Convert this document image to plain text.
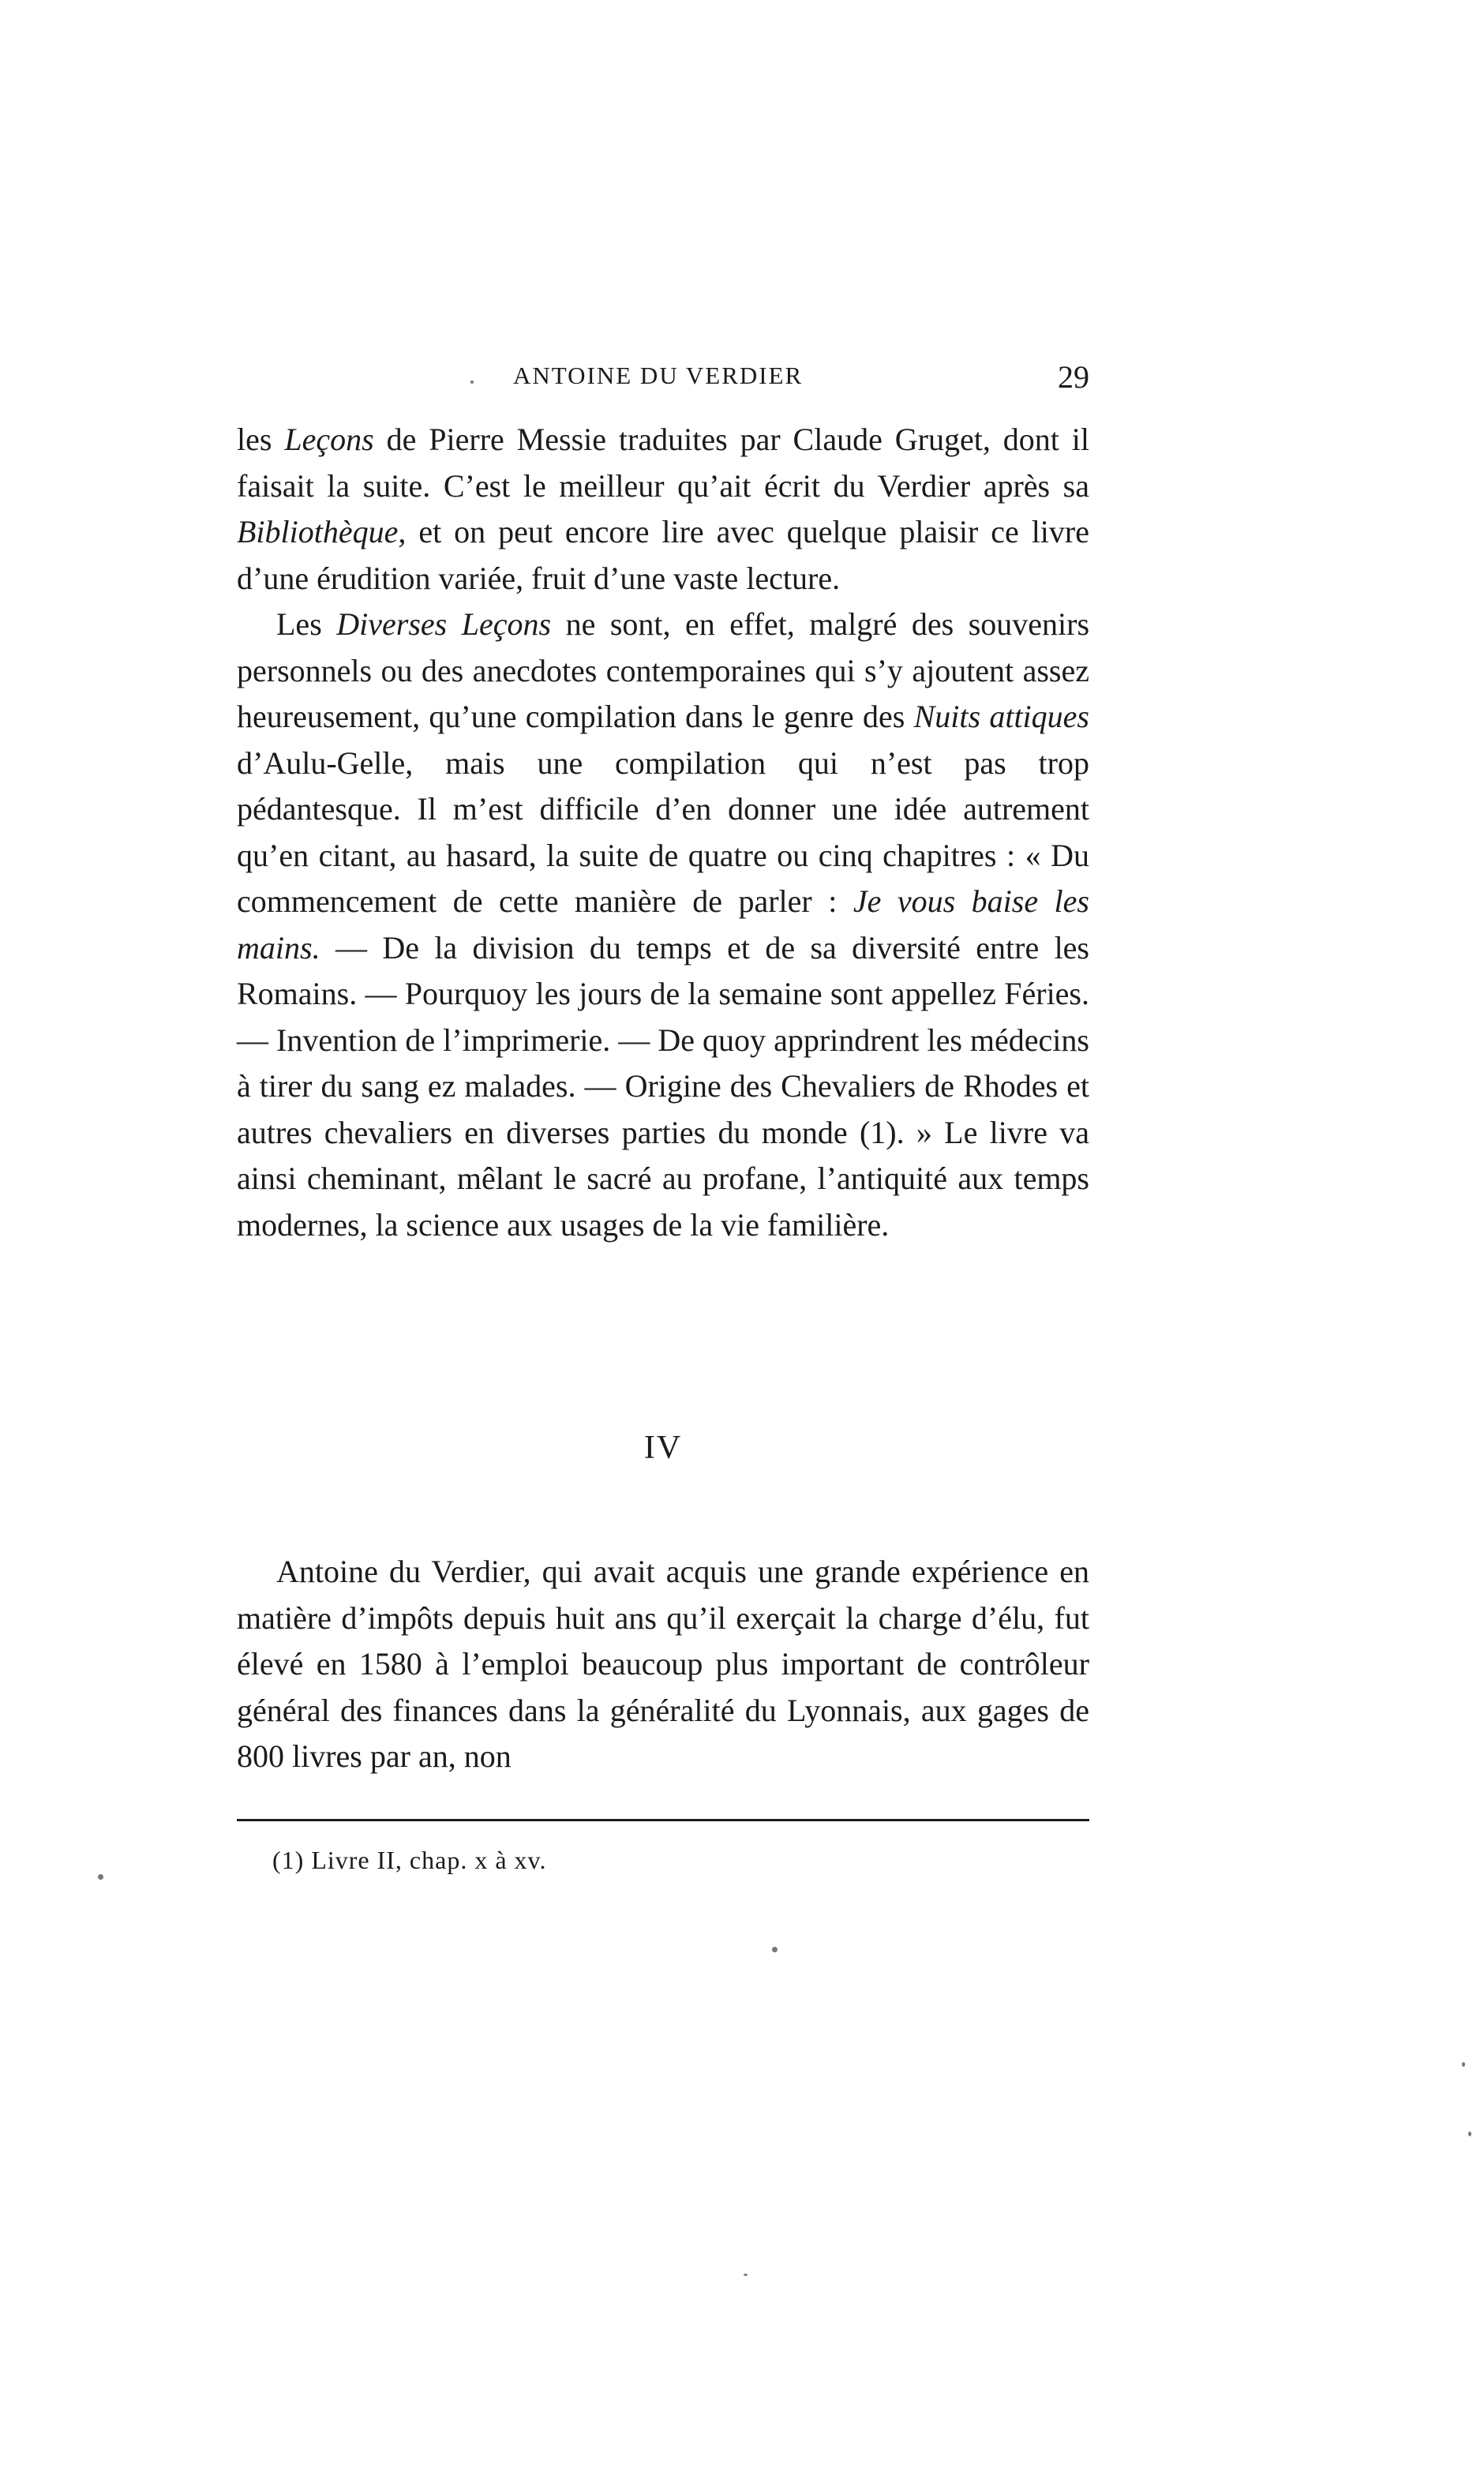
ANTOINE DU VERDIER	29

les Leçons de Pierre Messie traduites par Claude Gruget, dont il faisait la suite. C’est le meilleur qu’ait écrit du Verdier après sa Bibliothèque, et on peut encore lire avec quelque plaisir ce livre d’une érudition variée, fruit d’une vaste lecture.

Les Diverses Leçons ne sont, en effet, malgré des souvenirs personnels ou des anecdotes contemporaines qui s’y ajoutent assez heureusement, qu’une compilation dans le genre des Nuits attiques d’Aulu-Gelle, mais une compilation qui n’est pas trop pédantesque. Il m’est difficile d’en donner une idée autrement qu’en citant, au hasard, la suite de quatre ou cinq chapitres : « Du commencement de cette manière de parler : Je vous baise les mains. — De la division du temps et de sa diversité entre les Romains. — Pourquoy les jours de la semaine sont appellez Féries. — Invention de l’imprimerie. — De quoy apprindrent les médecins à tirer du sang ez malades. — Origine des Chevaliers de Rhodes et autres chevaliers en diverses parties du monde (1). » Le livre va ainsi cheminant, mêlant le sacré au profane, l’antiquité aux temps modernes, la science aux usages de la vie familière.

IV

Antoine du Verdier, qui avait acquis une grande expérience en matière d’impôts depuis huit ans qu’il exerçait la charge d’élu, fut élevé en 1580 à l’emploi beaucoup plus important de contrôleur général des finances dans la généralité du Lyonnais, aux gages de 800 livres par an, non

(1) Livre II, chap. x à xv.
